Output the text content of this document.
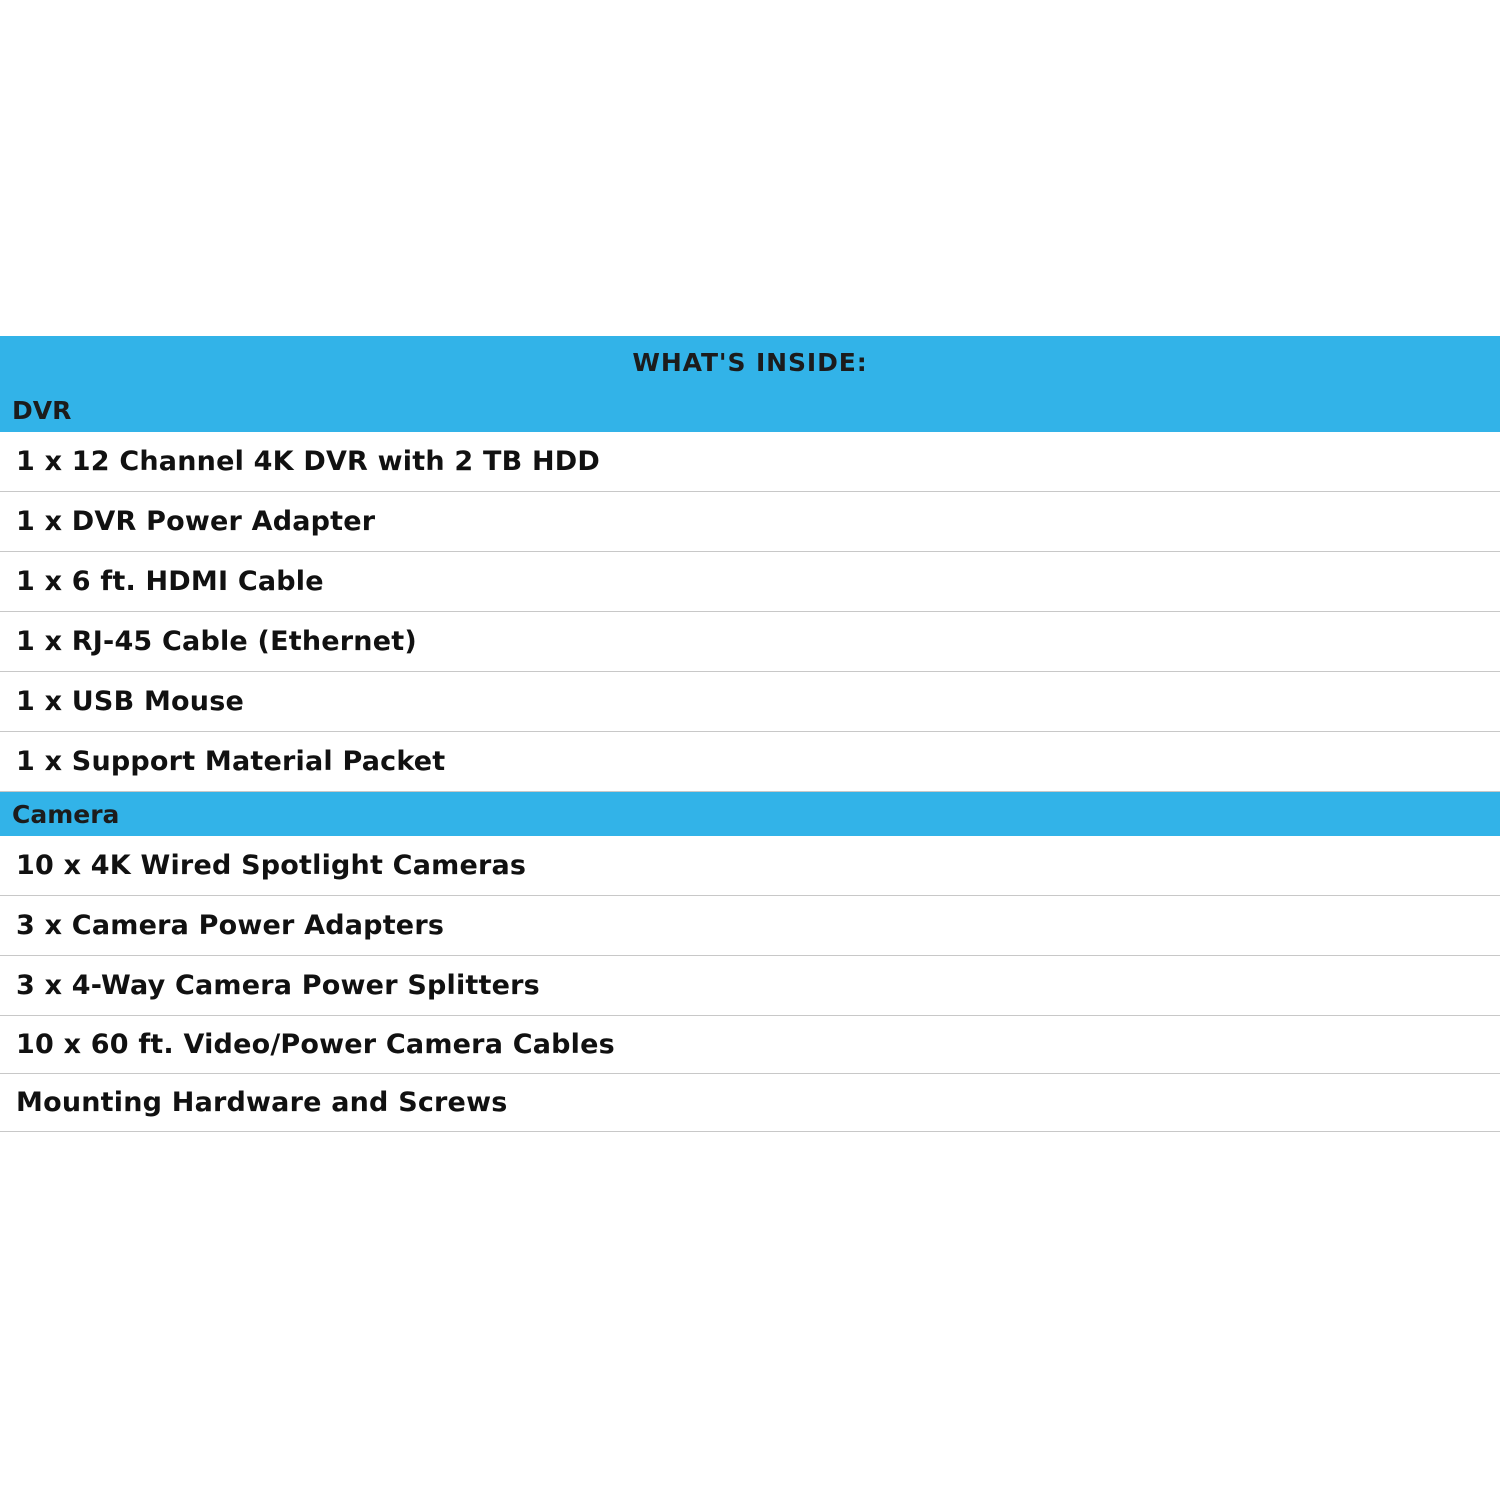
WHAT'S INSIDE:
DVR
1 x 12 Channel 4K DVR with 2 TB HDD
1 x DVR Power Adapter
1 x 6 ft. HDMI Cable
1 x RJ-45 Cable (Ethernet)
1 x USB Mouse
1 x Support Material Packet
Camera
10 x 4K Wired Spotlight Cameras
3 x Camera Power Adapters
3 x 4-Way Camera Power Splitters
10 x 60 ft. Video/Power Camera Cables
Mounting Hardware and Screws
